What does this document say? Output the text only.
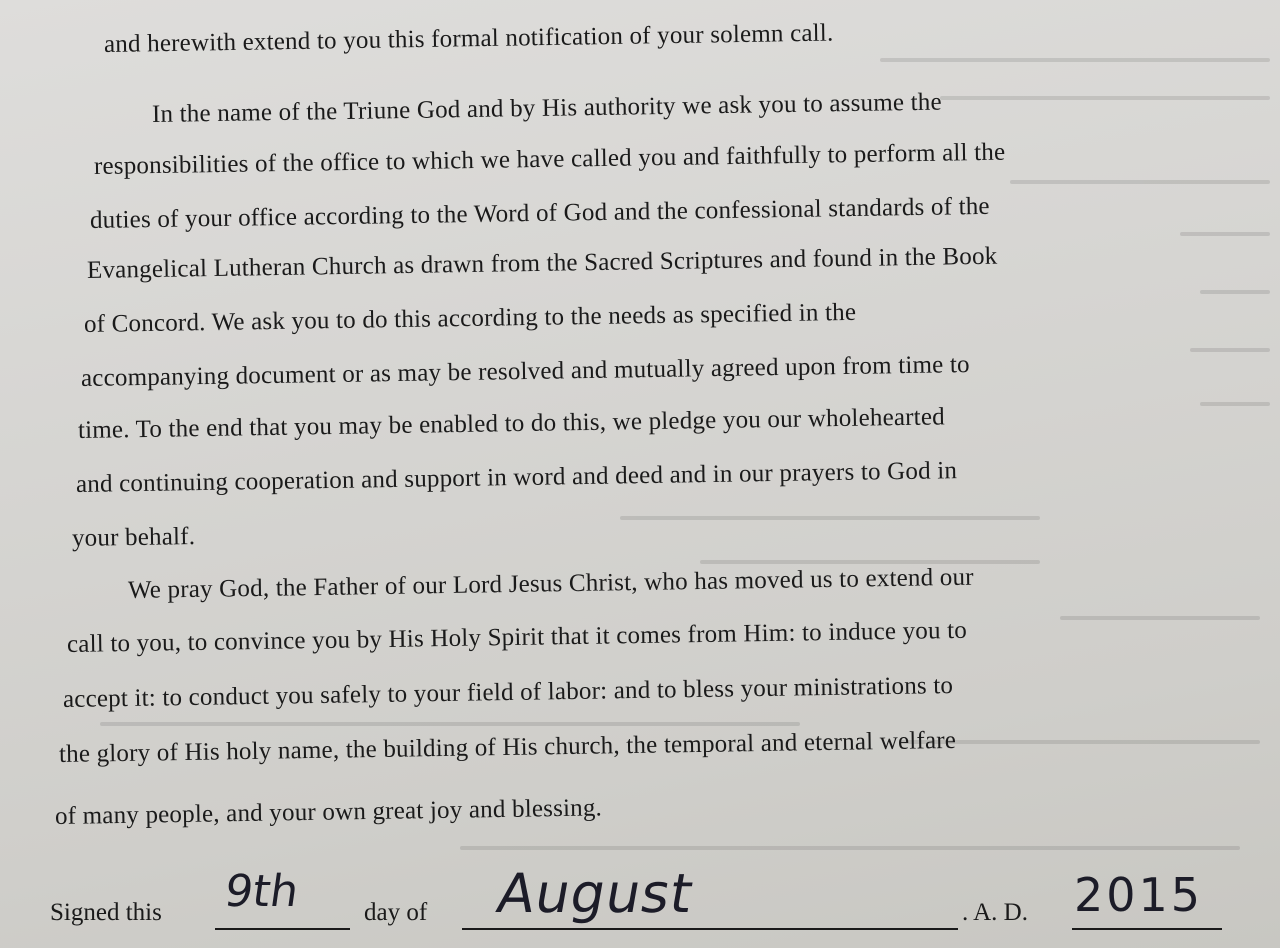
and herewith extend to you this formal notification of your solemn call.
In the name of the Triune God and by His authority we ask you to assume the
responsibilities of the office to which we have called you and faithfully to perform all the
duties of your office according to the Word of God and the confessional standards of the
Evangelical Lutheran Church as drawn from the Sacred Scriptures and found in the Book
of Concord. We ask you to do this according to the needs as specified in the
accompanying document or as may be resolved and mutually agreed upon from time to
time. To the end that you may be enabled to do this, we pledge you our wholehearted
and continuing cooperation and support in word and deed and in our prayers to God in
your behalf.
We pray God, the Father of our Lord Jesus Christ, who has moved us to extend our
call to you, to convince you by His Holy Spirit that it comes from Him: to induce you to
accept it: to conduct you safely to your field of labor: and to bless your ministrations to
the glory of His holy name, the building of His church, the temporal and eternal welfare
of many people, and your own great joy and blessing.
Signed this 9th day of August	. A. D. 2015
